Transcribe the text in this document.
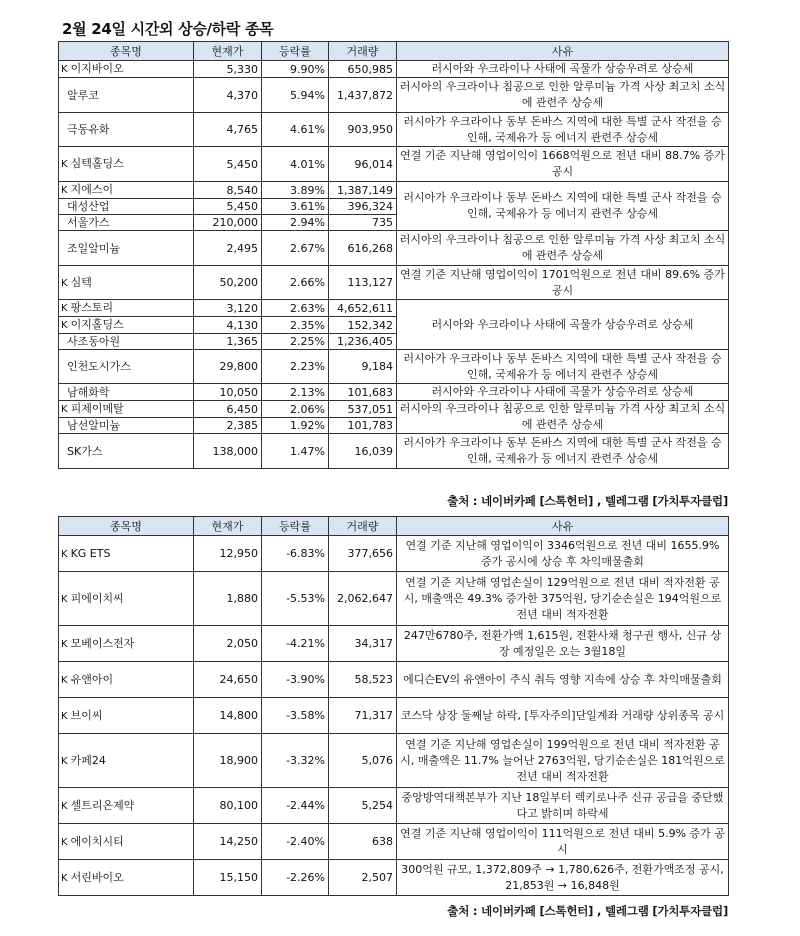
2월 24일 시간외 상승/하락 종목
종목명	현재가	등락률	거래량	사유
K 이지바이오	5,330	9.90%	650,985	러시아와 우크라이나 사태에 곡물가 상승우려로 상승세
알루코	4,370	5.94%	1,437,872	러시아의 우크라이나 침공으로 인한 알루미늄 가격 사상 최고치 소식에 관련주 상승세
극동유화	4,765	4.61%	903,950	러시아가 우크라이나 동부 돈바스 지역에 대한 특별 군사 작전을 승인해, 국제유가 등 에너지 관련주 상승세
K 심텍홀딩스	5,450	4.01%	96,014	연결 기준 지난해 영업이익이 1668억원으로 전년 대비 88.7% 증가 공시
K 지에스이	8,540	3.89%	1,387,149	러시아가 우크라이나 동부 돈바스 지역에 대한 특별 군사 작전을 승인해, 국제유가 등 에너지 관련주 상승세
대성산업	5,450	3.61%	396,324	
서울가스	210,000	2.94%	735	
조일알미늄	2,495	2.67%	616,268	러시아의 우크라이나 침공으로 인한 알루미늄 가격 사상 최고치 소식에 관련주 상승세
K 심텍	50,200	2.66%	113,127	연결 기준 지난해 영업이익이 1701억원으로 전년 대비 89.6% 증가 공시
K 팡스토리	3,120	2.63%	4,652,611	러시아와 우크라이나 사태에 곡물가 상승우려로 상승세
K 이지홀딩스	4,130	2.35%	152,342	
사조동아원	1,365	2.25%	1,236,405	
인천도시가스	29,800	2.23%	9,184	러시아가 우크라이나 동부 돈바스 지역에 대한 특별 군사 작전을 승인해, 국제유가 등 에너지 관련주 상승세
남해화학	10,050	2.13%	101,683	러시아와 우크라이나 사태에 곡물가 상승우려로 상승세
K 피제이메탈	6,450	2.06%	537,051	러시아의 우크라이나 침공으로 인한 알루미늄 가격 사상 최고치 소식에 관련주 상승세
남선알미늄	2,385	1.92%	101,783	
SK가스	138,000	1.47%	16,039	러시아가 우크라이나 동부 돈바스 지역에 대한 특별 군사 작전을 승인해, 국제유가 등 에너지 관련주 상승세
출처 : 네이버카페 [스톡헌터] , 텔레그램 [가치투자클럽]
종목명	현재가	등락률	거래량	사유
K KG ETS	12,950	-6.83%	377,656	연결 기준 지난해 영업이익이 3346억원으로 전년 대비 1655.9% 증가 공시에 상승 후 차익매물출회
K 피에이치씨	1,880	-5.53%	2,062,647	연결 기준 지난해 영업손실이 129억원으로 전년 대비 적자전환 공시, 매출액은 49.3% 증가한 375억원, 당기순손실은 194억원으로 전년 대비 적자전환
K 모베이스전자	2,050	-4.21%	34,317	247만6780주, 전환가액 1,615원, 전환사채 청구권 행사, 신규 상장 예정일은 오는 3월18일
K 유앤아이	24,650	-3.90%	58,523	에디슨EV의 유앤아이 주식 취득 영향 지속에 상승 후 차익매물출회
K 브이씨	14,800	-3.58%	71,317	코스닥 상장 둘째날 하락, [투자주의]단일계좌 거래량 상위종목 공시
K 카페24	18,900	-3.32%	5,076	연결 기준 지난해 영업손실이 199억원으로 전년 대비 적자전환 공시, 매출액은 11.7% 늘어난 2763억원, 당기순손실은 181억원으로 전년 대비 적자전환
K 셀트리온제약	80,100	-2.44%	5,254	중앙방역대책본부가 지난 18일부터 렉키로나주 신규 공급을 중단했다고 밝히며 하락세
K 에이치시티	14,250	-2.40%	638	연결 기준 지난해 영업이익이 111억원으로 전년 대비 5.9% 증가 공시
K 서린바이오	15,150	-2.26%	2,507	300억원 규모, 1,372,809주 → 1,780,626주, 전환가액조정 공시, 21,853원 → 16,848원
출처 : 네이버카페 [스톡헌터] , 텔레그램 [가치투자클럽]
